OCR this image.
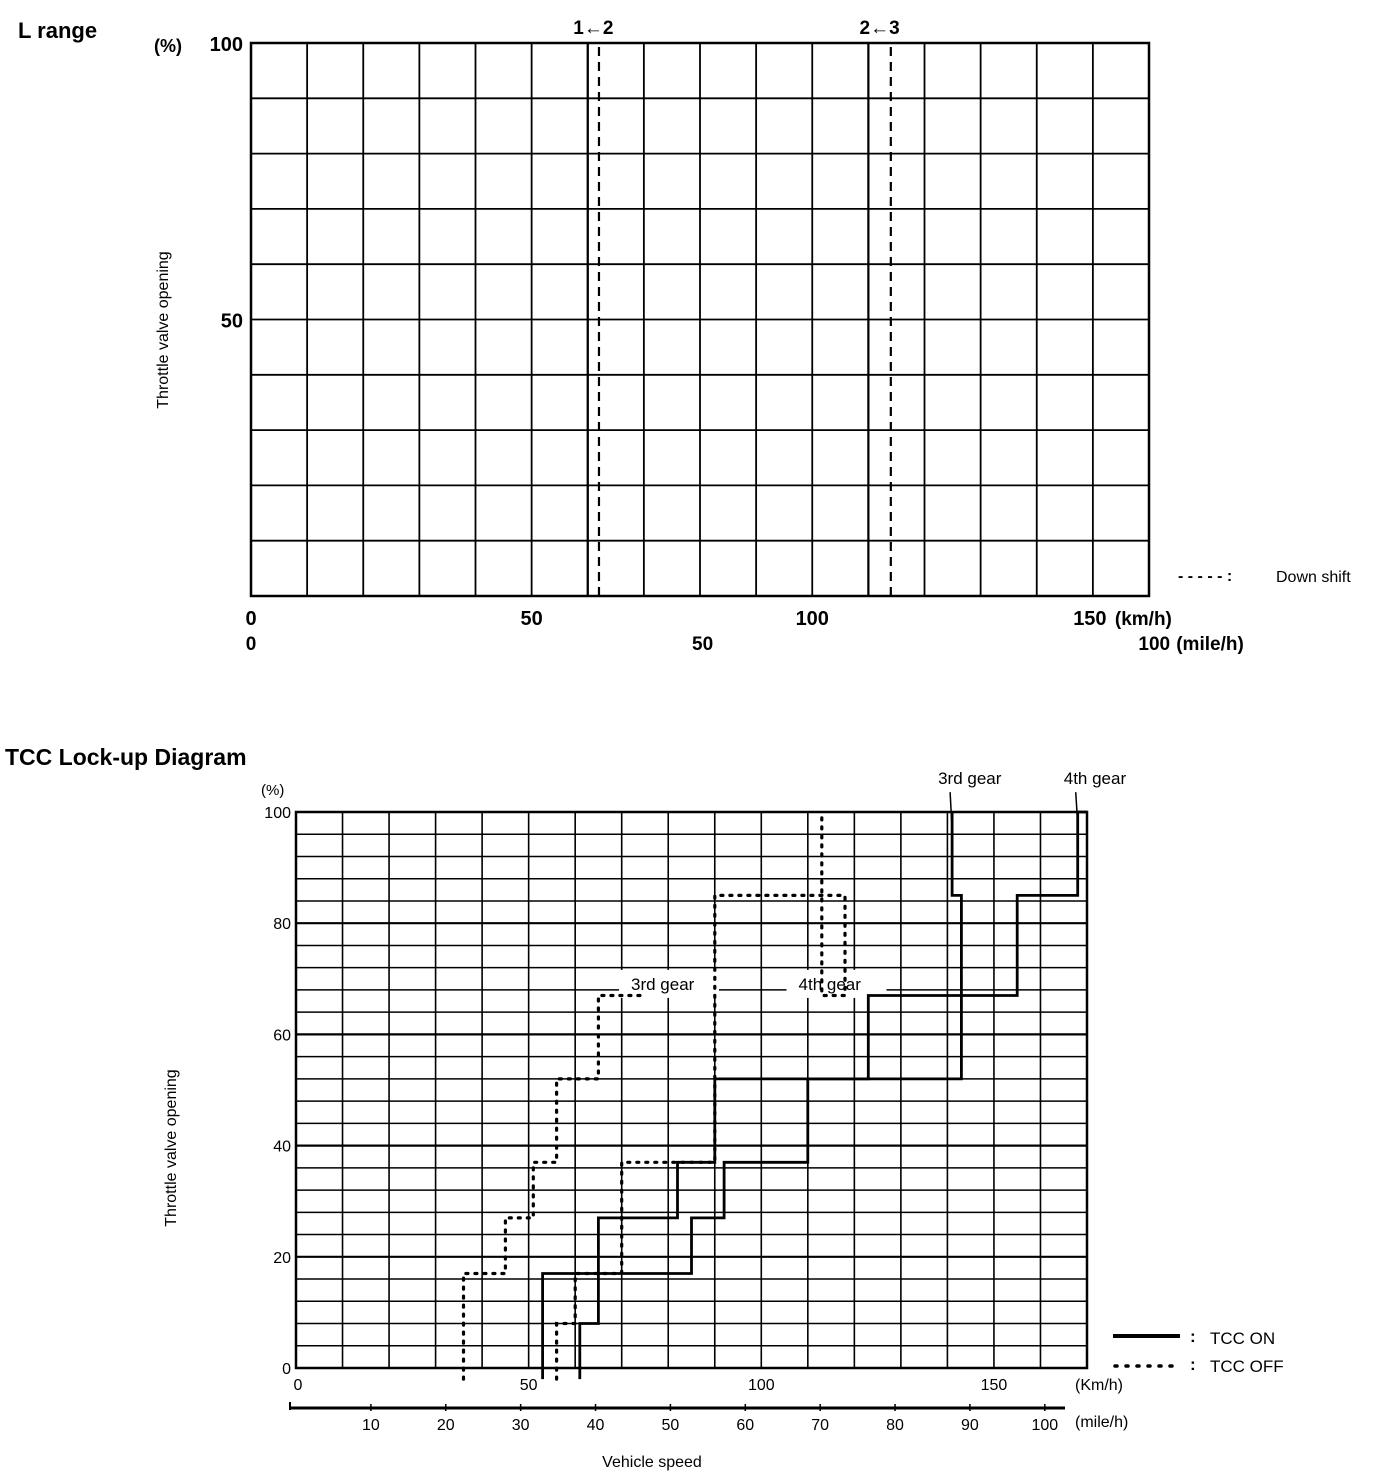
L range	1←2	2←3
(%) 100
50
Throttle valve opening
0	50	100	150 (km/h)
0	50	100 (mile/h)
- - - - - :	Down shift
TCC Lock-up Diagram
3rd gear	4th gear
3rd gear	4th gear
(%)
100
80
60
40
20
0
Throttle valve opening
0	50	100	150	(Km/h)
10	20	30	40	50	60	70	80	90	100 (mile/h)
Vehicle speed
: TCC ON
: TCC OFF
